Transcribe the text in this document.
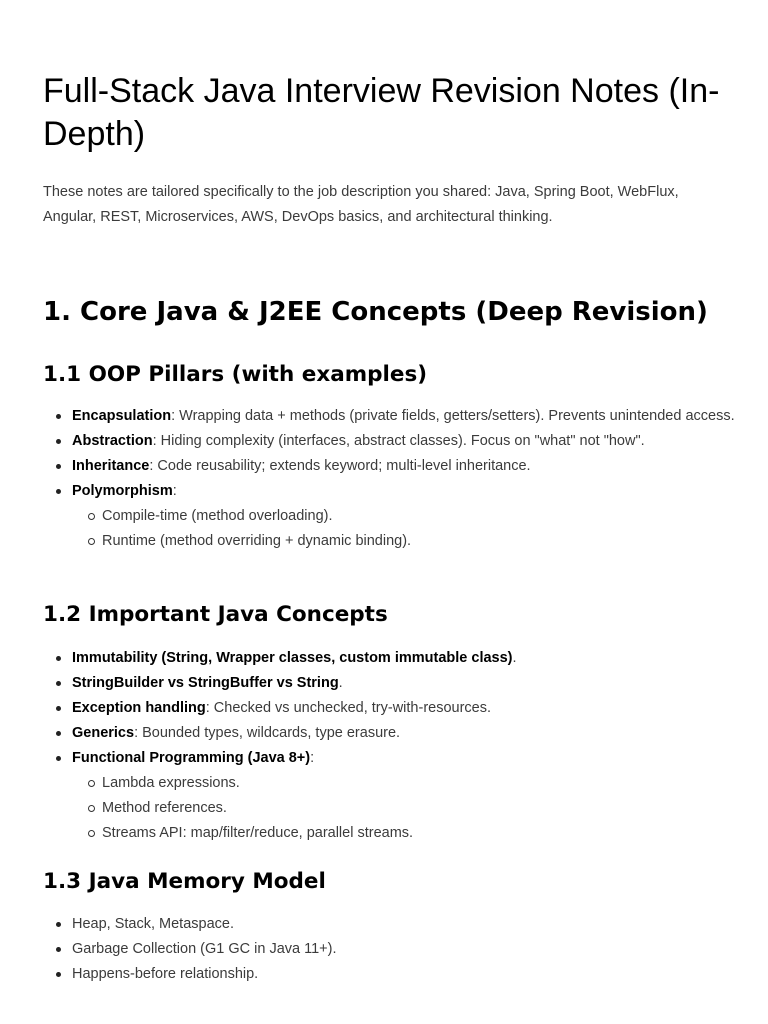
Full-Stack Java Interview Revision Notes (In-Depth)

These notes are tailored specifically to the job description you shared: Java, Spring Boot, WebFlux, Angular, REST, Microservices, AWS, DevOps basics, and architectural thinking.

1. Core Java & J2EE Concepts (Deep Revision)
1.1 OOP Pillars (with examples)
Encapsulation: Wrapping data + methods (private fields, getters/setters). Prevents unintended access.
Abstraction: Hiding complexity (interfaces, abstract classes). Focus on "what" not "how".
Inheritance: Code reusability; extends keyword; multi-level inheritance.
Polymorphism:
Compile-time (method overloading).
Runtime (method overriding + dynamic binding).
1.2 Important Java Concepts
Immutability (String, Wrapper classes, custom immutable class).
StringBuilder vs StringBuffer vs String.
Exception handling: Checked vs unchecked, try-with-resources.
Generics: Bounded types, wildcards, type erasure.
Functional Programming (Java 8+):
Lambda expressions.
Method references.
Streams API: map/filter/reduce, parallel streams.
1.3 Java Memory Model
Heap, Stack, Metaspace.
Garbage Collection (G1 GC in Java 11+).
Happens-before relationship.
